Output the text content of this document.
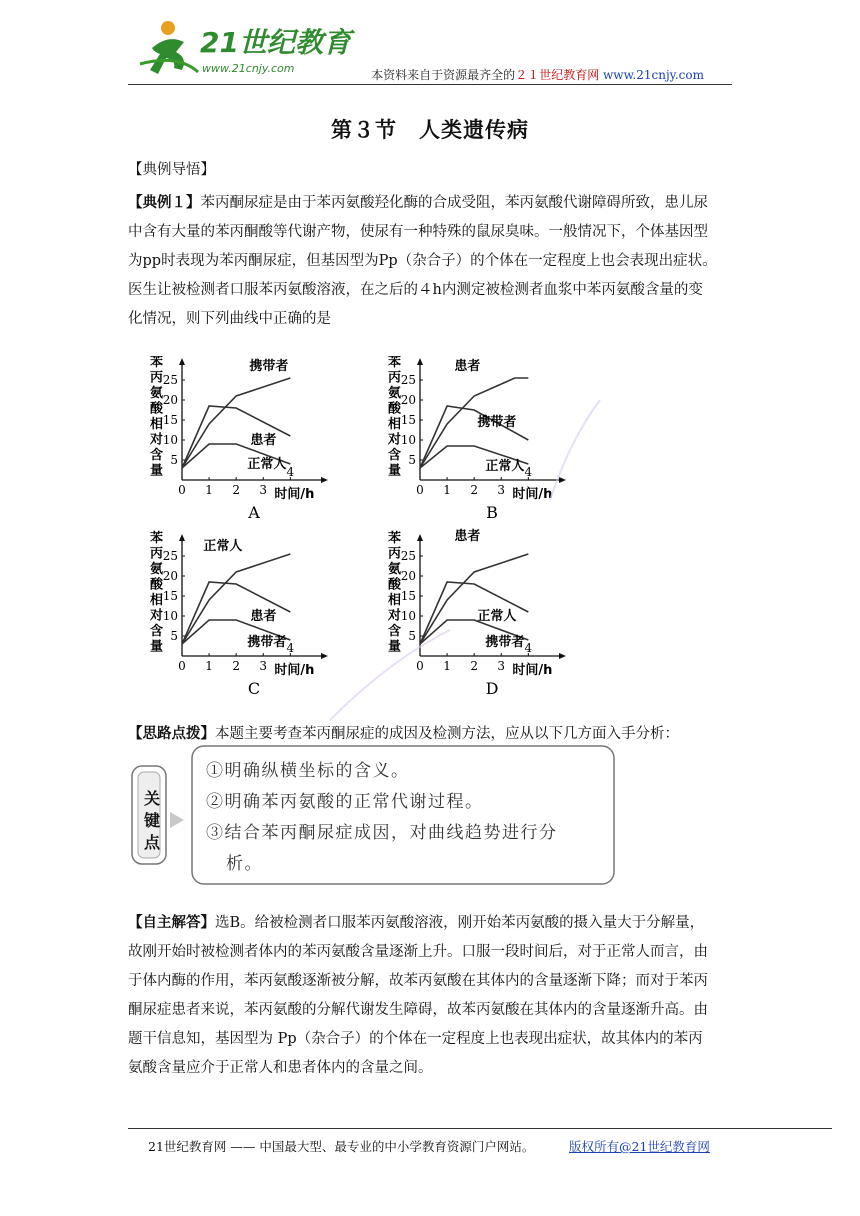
21世纪教育
www.21cnjy.com	本资料来自于资源最齐全的２１世纪教育网 www.21cnjy.com
第３节　人类遗传病
【典例导悟】
【典例１】苯丙酮尿症是由于苯丙氨酸羟化酶的合成受阻，苯丙氨酸代谢障碍所致，患儿尿
中含有大量的苯丙酮酸等代谢产物，使尿有一种特殊的鼠尿臭味。一般情况下，个体基因型
为pp时表现为苯丙酮尿症，但基因型为Pp（杂合子）的个体在一定程度上也会表现出症状。
医生让被检测者口服苯丙氨酸溶液，在之后的４h内测定被检测者血浆中苯丙氨酸含量的变
化情况，则下列曲线中正确的是
苯丙氨酸相对含量
5
10
15
20
25
0 1 2 3
4
时间/h
携带者
患者
正常人
A
苯丙氨酸相对含量
5
10
15
20
25
0 1 2 3
4
时间/h
患者
携带者
正常人
B
苯丙氨酸相对含量
5
10
15
20
25
0 1 2 3
4
时间/h
正常人
患者
携带者
C
苯丙氨酸相对含量
5
10
15
20
25
0 1 2 3
4
时间/h
患者
正常人
携带者
D
【思路点拨】本题主要考查苯丙酮尿症的成因及检测方法，应从以下几方面入手分析：
关
键
点
①明确纵横坐标的含义。
②明确苯丙氨酸的正常代谢过程。
③结合苯丙酮尿症成因，对曲线趋势进行分
析。
【自主解答】选B。给被检测者口服苯丙氨酸溶液，刚开始苯丙氨酸的摄入量大于分解量，
故刚开始时被检测者体内的苯丙氨酸含量逐渐上升。口服一段时间后，对于正常人而言，由
于体内酶的作用，苯丙氨酸逐渐被分解，故苯丙氨酸在其体内的含量逐渐下降；而对于苯丙
酮尿症患者来说，苯丙氨酸的分解代谢发生障碍，故苯丙氨酸在其体内的含量逐渐升高。由
题干信息知，基因型为 Pp（杂合子）的个体在一定程度上也表现出症状，故其体内的苯丙
氨酸含量应介于正常人和患者体内的含量之间。
21世纪教育网 —— 中国最大型、最专业的中小学教育资源门户网站。	版权所有@21世纪教育网
